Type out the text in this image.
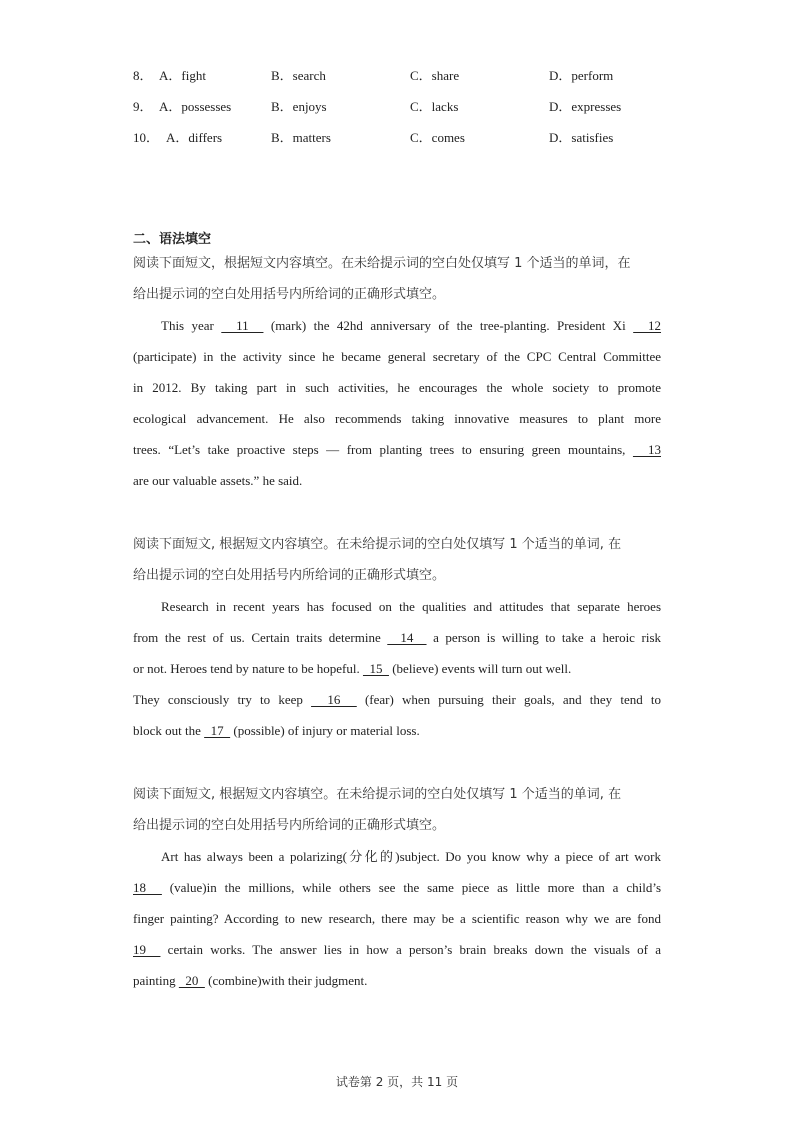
8． A．fight	B．search	C．share	D．perform
9． A．possesses	B．enjoys	C．lacks	D．expresses
10． A．differs	B．matters	C．comes	D．satisfies
二、语法填空
阅读下面短文，根据短文内容填空。在未给提示词的空白处仅填写 1 个适当的单词，在
给出提示词的空白处用括号内所给词的正确形式填空。
This year   11   (mark) the 42hd anniversary of the tree-planting. President Xi   12
(participate) in the activity since he became general secretary of the CPC Central Committee
in 2012. By taking part in such activities, he encourages the whole society to promote
ecological advancement. He also recommends taking innovative measures to plant more
trees. “Let’s take proactive steps — from planting trees to ensuring green mountains,   13
are our valuable assets.” he said.
阅读下面短文, 根据短文内容填空。在未给提示词的空白处仅填写 1 个适当的单词, 在
给出提示词的空白处用括号内所给词的正确形式填空。
Research in recent years has focused on the qualities and attitudes that separate heroes
from the rest of us. Certain traits determine   14   a person is willing to take a heroic risk
or not. Heroes tend by nature to be hopeful.   15   (believe) events will turn out well.
They consciously try to keep   16   (fear) when pursuing their goals, and they tend to
block out the   17   (possible) of injury or material loss.
阅读下面短文, 根据短文内容填空。在未给提示词的空白处仅填写 1 个适当的单词, 在
给出提示词的空白处用括号内所给词的正确形式填空。
Art has always been a polarizing(分化的)subject. Do you know why a piece of art work
18   (value)in the millions, while others see the same piece as little more than a child’s
finger painting? According to new research, there may be a scientific reason why we are fond
19   certain works. The answer lies in how a person’s brain breaks down the visuals of a
painting   20   (combine)with their judgment.
试卷第 2 页，共 11 页
